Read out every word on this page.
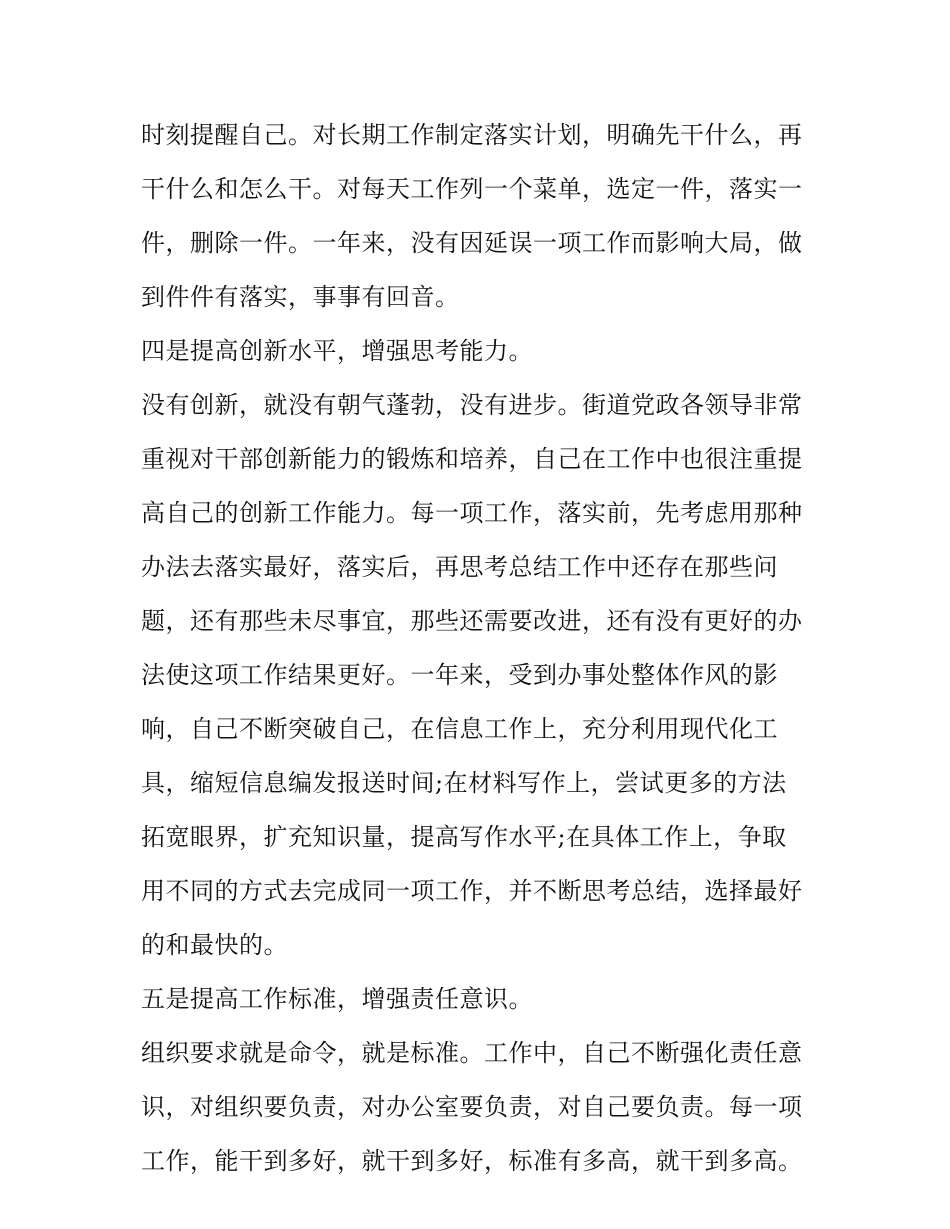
时刻提醒自己。对长期工作制定落实计划，明确先干什么，再
干什么和怎么干。对每天工作列一个菜单，选定一件，落实一
件，删除一件。一年来，没有因延误一项工作而影响大局，做
到件件有落实，事事有回音。
四是提高创新水平，增强思考能力。
没有创新，就没有朝气蓬勃，没有进步。街道党政各领导非常
重视对干部创新能力的锻炼和培养，自己在工作中也很注重提
高自己的创新工作能力。每一项工作，落实前，先考虑用那种
办法去落实最好，落实后，再思考总结工作中还存在那些问
题，还有那些未尽事宜，那些还需要改进，还有没有更好的办
法使这项工作结果更好。一年来，受到办事处整体作风的影
响，自己不断突破自己，在信息工作上，充分利用现代化工
具，缩短信息编发报送时间;在材料写作上，尝试更多的方法
拓宽眼界，扩充知识量，提高写作水平;在具体工作上，争取
用不同的方式去完成同一项工作，并不断思考总结，选择最好
的和最快的。
五是提高工作标准，增强责任意识。
组织要求就是命令，就是标准。工作中，自己不断强化责任意
识，对组织要负责，对办公室要负责，对自己要负责。每一项
工作，能干到多好，就干到多好，标准有多高，就干到多高。
